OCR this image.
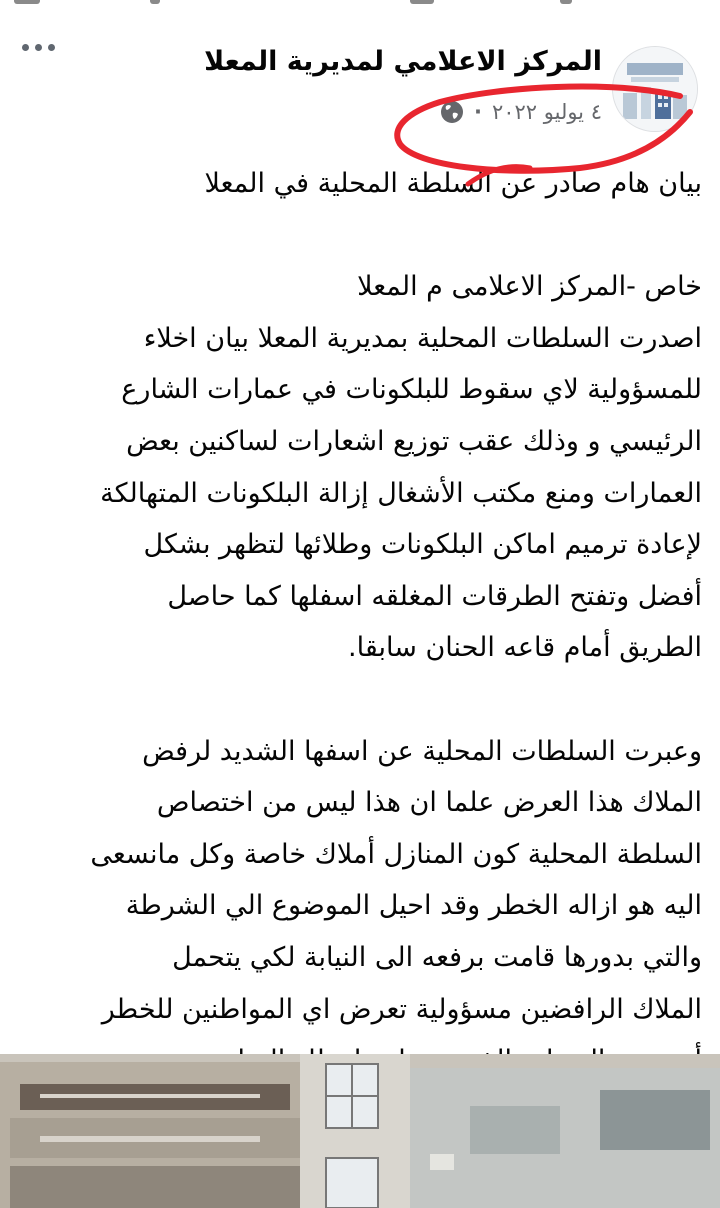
المركز الاعلامي لمديرية المعلا
٤ يوليو ٢٠٢٢
·

بيان هام صادر عن السلطة المحلية في المعلا

خاص -المركز الاعلامى م المعلا

اصدرت السلطات المحلية بمديرية المعلا بيان اخلاء

للمسؤولية لاي سقوط للبلكونات في عمارات الشارع

الرئيسي و وذلك عقب توزيع اشعارات لساكنين بعض

العمارات ومنع مكتب الأشغال إزالة البلكونات المتهالكة

لإعادة ترميم اماكن البلكونات وطلائها لتظهر بشكل

أفضل وتفتح الطرقات المغلقه اسفلها كما حاصل

الطريق أمام قاعه الحنان سابقا.

وعبرت السلطات المحلية عن اسفها الشديد لرفض

الملاك هذا العرض علما ان هذا ليس من اختصاص

السلطة المحلية كون المنازل أملاك خاصة وكل مانسعى

اليه هو ازاله الخطر وقد احيل الموضوع الي الشرطة

والتي بدورها قامت برفعه الى النيابة لكي يتحمل

الملاك الرافضين مسؤولية تعرض اي المواطنين للخطر
